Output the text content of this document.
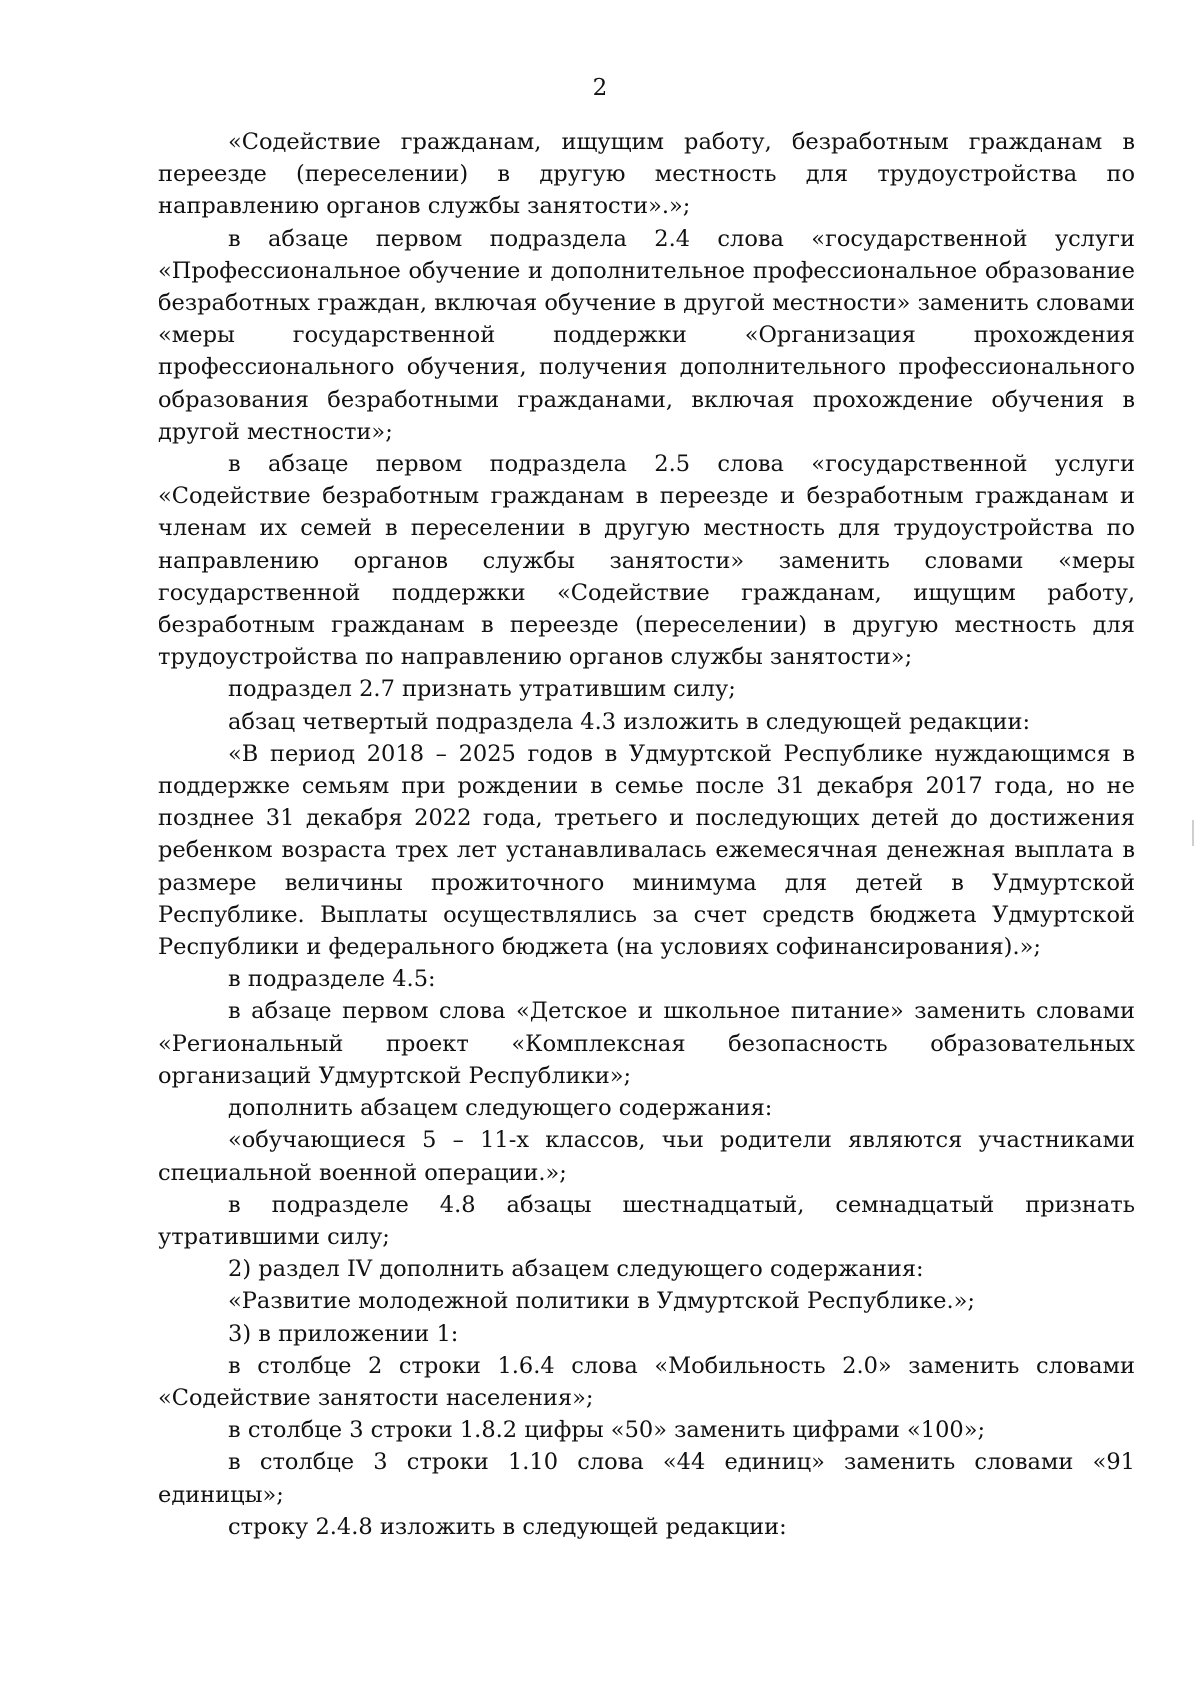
2

«Содействие гражданам, ищущим работу, безработным гражданам в переезде (переселении) в другую местность для трудоустройства по направлению органов службы занятости».»;

в абзаце первом подраздела 2.4 слова «государственной услуги «Профессиональное обучение и дополнительное профессиональное образование безработных граждан, включая обучение в другой местности» заменить словами «меры государственной поддержки «Организация прохождения профессионального обучения, получения дополнительного профессионального образования безработными гражданами, включая прохождение обучения в другой местности»;

в абзаце первом подраздела 2.5 слова «государственной услуги «Содействие безработным гражданам в переезде и безработным гражданам и членам их семей в переселении в другую местность для трудоустройства по направлению органов службы занятости» заменить словами «меры государственной поддержки «Содействие гражданам, ищущим работу, безработным гражданам в переезде (переселении) в другую местность для трудоустройства по направлению органов службы занятости»;

подраздел 2.7 признать утратившим силу;

абзац четвертый подраздела 4.3 изложить в следующей редакции:

«В период 2018 – 2025 годов в Удмуртской Республике нуждающимся в поддержке семьям при рождении в семье после 31 декабря 2017 года, но не позднее 31 декабря 2022 года, третьего и последующих детей до достижения ребенком возраста трех лет устанавливалась ежемесячная денежная выплата в размере величины прожиточного минимума для детей в Удмуртской Республике. Выплаты осуществлялись за счет средств бюджета Удмуртской Республики и федерального бюджета (на условиях софинансирования).»;

в подразделе 4.5:

в абзаце первом слова «Детское и школьное питание» заменить словами «Региональный проект «Комплексная безопасность образовательных организаций Удмуртской Республики»;

дополнить абзацем следующего содержания:

«обучающиеся 5 – 11-х классов, чьи родители являются участниками специальной военной операции.»;

в подразделе 4.8 абзацы шестнадцатый, семнадцатый признать утратившими силу;

2) раздел IV дополнить абзацем следующего содержания:

«Развитие молодежной политики в Удмуртской Республике.»;

3) в приложении 1:

в столбце 2 строки 1.6.4 слова «Мобильность 2.0» заменить словами «Содействие занятости населения»;

в столбце 3 строки 1.8.2 цифры «50» заменить цифрами «100»;

в столбце 3 строки 1.10 слова «44 единиц» заменить словами «91 единицы»;

строку 2.4.8 изложить в следующей редакции:
